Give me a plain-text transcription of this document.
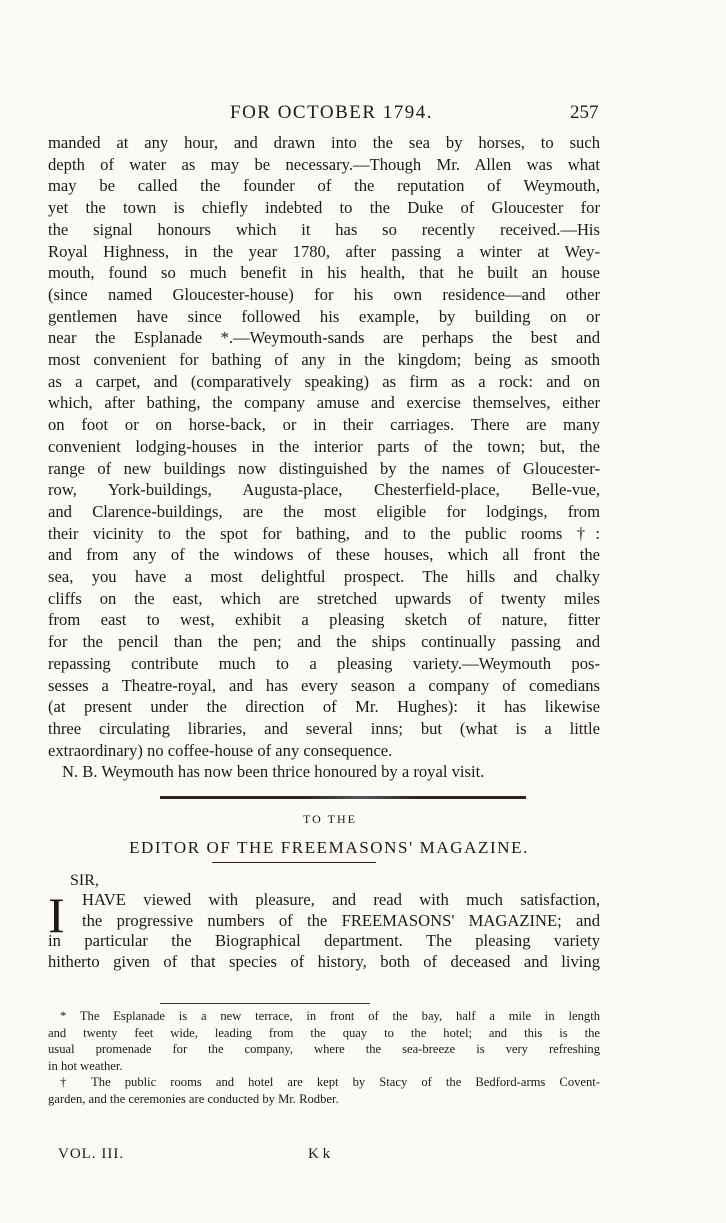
FOR OCTOBER 1794.	257
manded at any hour, and drawn into the sea by horses, to such
depth of water as may be necessary.—Though Mr. Allen was what
may be called the founder of the reputation of Weymouth,
yet the town is chiefly indebted to the Duke of Gloucester for
the signal honours which it has so recently received.—His
Royal Highness, in the year 1780, after passing a winter at Wey-
mouth, found so much benefit in his health, that he built an house
(since named Gloucester-house) for his own residence—and other
gentlemen have since followed his example, by building on or
near the Esplanade *.—Weymouth-sands are perhaps the best and
most convenient for bathing of any in the kingdom; being as smooth
as a carpet, and (comparatively speaking) as firm as a rock: and on
which, after bathing, the company amuse and exercise themselves, either
on foot or on horse-back, or in their carriages. There are many
convenient lodging-houses in the interior parts of the town; but, the
range of new buildings now distinguished by the names of Gloucester-
row, York-buildings, Augusta-place, Chesterfield-place, Belle-vue,
and Clarence-buildings, are the most eligible for lodgings, from
their vicinity to the spot for bathing, and to the public rooms †:
and from any of the windows of these houses, which all front the
sea, you have a most delightful prospect. The hills and chalky
cliffs on the east, which are stretched upwards of twenty miles
from east to west, exhibit a pleasing sketch of nature, fitter
for the pencil than the pen; and the ships continually passing and
repassing contribute much to a pleasing variety.—Weymouth pos-
sesses a Theatre-royal, and has every season a company of comedians
(at present under the direction of Mr. Hughes): it has likewise
three circulating libraries, and several inns; but (what is a little
extraordinary) no coffee-house of any consequence.
N. B. Weymouth has now been thrice honoured by a royal visit.
TO THE
EDITOR OF THE FREEMASONS' MAGAZINE.
SIR,
I	HAVE viewed with pleasure, and read with much satisfaction,
the progressive numbers of the FREEMASONS' MAGAZINE; and
in particular the Biographical department. The pleasing variety
hitherto given of that species of history, both of deceased and living
* The Esplanade is a new terrace, in front of the bay, half a mile in length
and twenty feet wide, leading from the quay to the hotel; and this is the
usual promenade for the company, where the sea-breeze is very refreshing
in hot weather.
† The public rooms and hotel are kept by Stacy of the Bedford-arms Covent-
garden, and the ceremonies are conducted by Mr. Rodber.
VOL. III.	K k
